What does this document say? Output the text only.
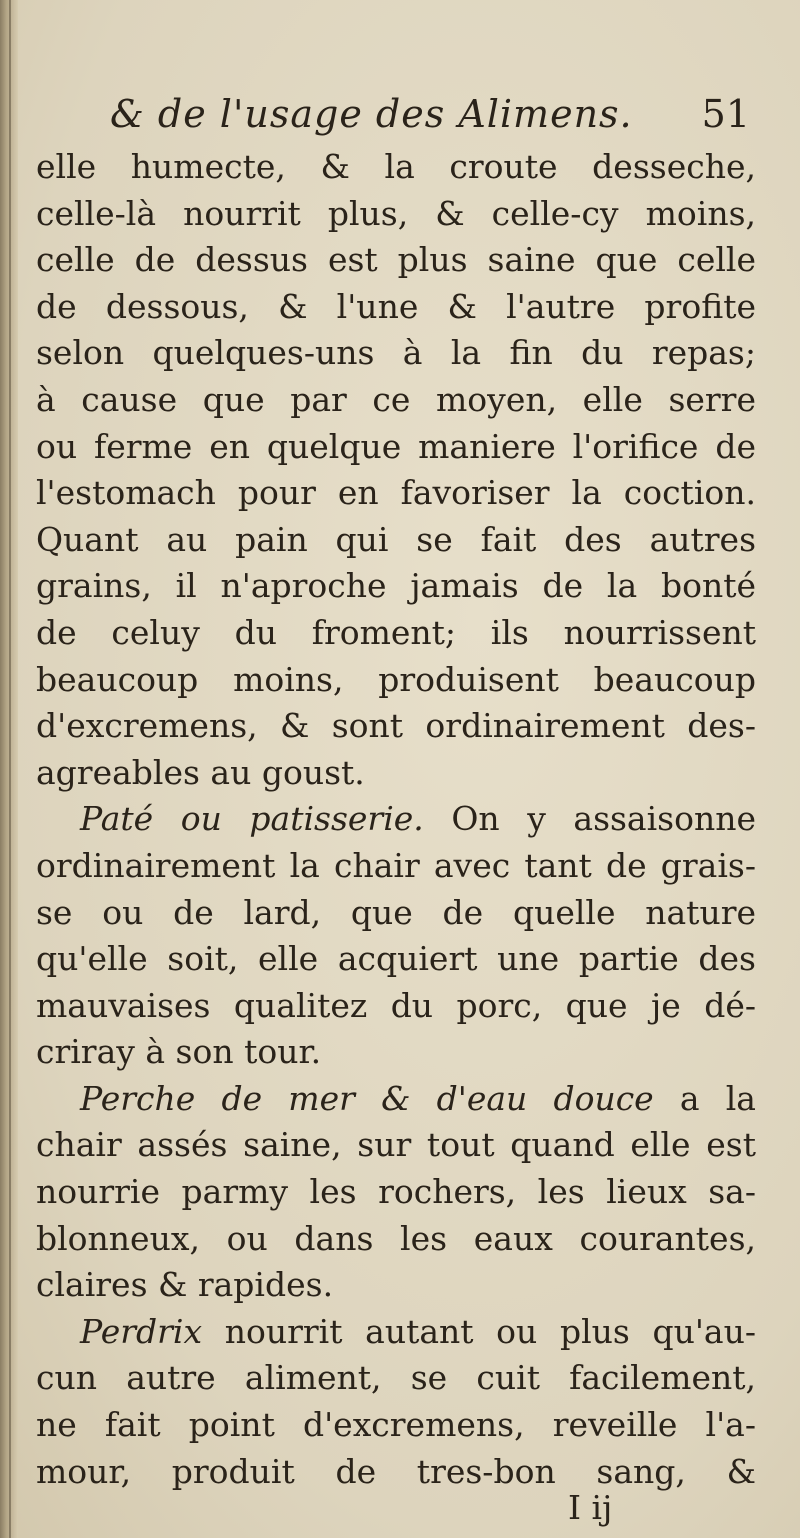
& de l'usage des Alimens. 51
elle humecte, & la croute desseche,
celle-là nourrit plus, & celle-cy moins,
celle de dessus est plus saine que celle
de dessous, & l'une & l'autre profite
selon quelques-uns à la fin du repas;
à cause que par ce moyen, elle serre
ou ferme en quelque maniere l'orifice de
l'estomach pour en favoriser la coction.
Quant au pain qui se fait des autres
grains, il n'aproche jamais de la bonté
de celuy du froment; ils nourrissent
beaucoup moins, produisent beaucoup
d'excremens, & sont ordinairement des-
agreables au goust.
Paté ou patisserie. On y assaisonne
ordinairement la chair avec tant de grais-
se ou de lard, que de quelle nature
qu'elle soit, elle acquiert une partie des
mauvaises qualitez du porc, que je dé-
criray à son tour.
Perche de mer & d'eau douce a la
chair assés saine, sur tout quand elle est
nourrie parmy les rochers, les lieux sa-
blonneux, ou dans les eaux courantes,
claires & rapides.
Perdrix nourrit autant ou plus qu'au-
cun autre aliment, se cuit facilement,
ne fait point d'excremens, reveille l'a-
mour, produit de tres-bon sang, &
I ij
